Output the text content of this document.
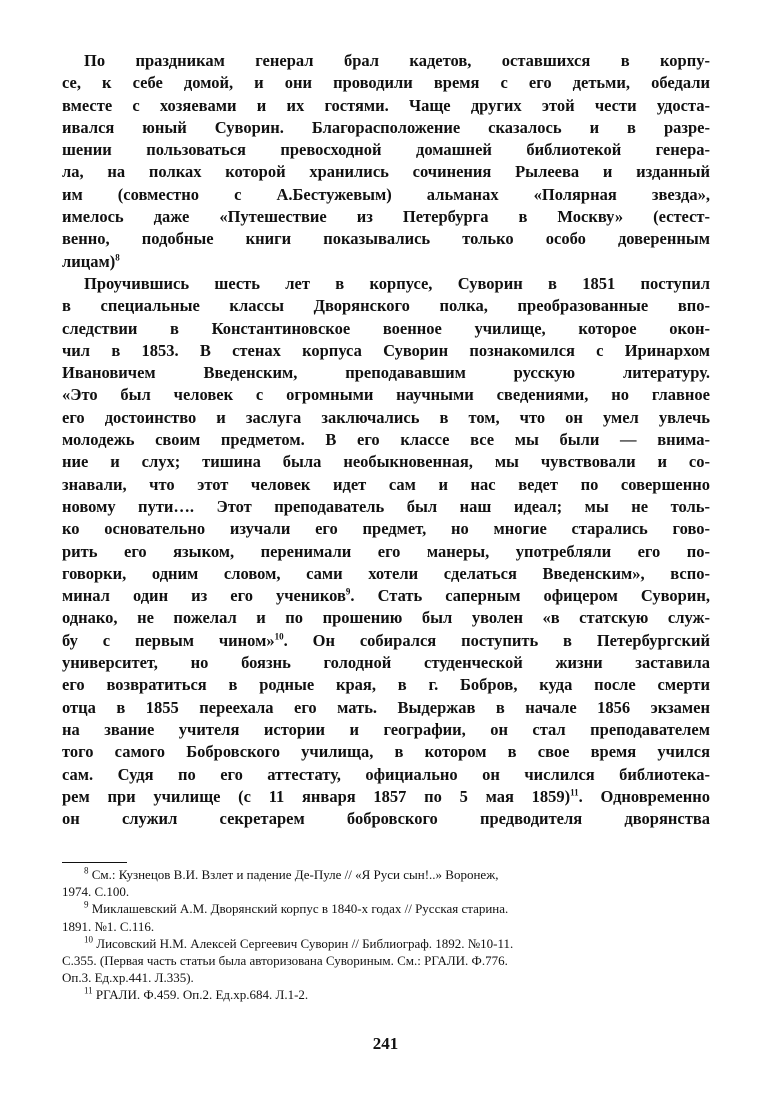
По праздникам генерал брал кадетов, оставшихся в корпу-
се, к себе домой, и они проводили время с его детьми, обедали
вместе с хозяевами и их гостями. Чаще других этой чести удоста-
ивался юный Суворин. Благорасположение сказалось и в разре-
шении пользоваться превосходной домашней библиотекой генера-
ла, на полках которой хранились сочинения Рылеева и изданный
им (совместно с А.Бестужевым) альманах «Полярная звезда»,
имелось даже «Путешествие из Петербурга в Москву» (естест-
венно, подобные книги показывались только особо доверенным
лицам)$^8$

Проучившись шесть лет в корпусе, Суворин в 1851 поступил
в специальные классы Дворянского полка, преобразованные впо-
следствии в Константиновское военное училище, которое окон-
чил в 1853. В стенах корпуса Суворин познакомился с Иринархом
Ивановичем Введенским, преподававшим русскую литературу.
«Это был человек с огромными научными сведениями, но главное
его достоинство и заслуга заключались в том, что он умел увлечь
молодежь своим предметом. В его классе все мы были — внима-
ние и слух; тишина была необыкновенная, мы чувствовали и со-
знавали, что этот человек идет сам и нас ведет по совершенно
новому пути…. Этот преподаватель был наш идеал; мы не толь-
ко основательно изучали его предмет, но многие старались гово-
рить его языком, перенимали его манеры, употребляли его по-
говорки, одним словом, сами хотели сделаться Введенским», вспо-
минал один из его учеников$^9$. Стать саперным офицером Суворин,
однако, не пожелал и по прошению был уволен «в статскую служ-
бу с первым чином»$^{10}$. Он собирался поступить в Петербургский
университет, но боязнь голодной студенческой жизни заставила
его возвратиться в родные края, в г. Бобров, куда после смерти
отца в 1855 переехала его мать. Выдержав в начале 1856 экзамен
на звание учителя истории и географии, он стал преподавателем
того самого Бобровского училища, в котором в свое время учился
сам. Судя по его аттестату, официально он числился библиотека-
рем при училище (с 11 января 1857 по 5 мая 1859)$^{11}$. Одновременно
он служил секретарем бобровского предводителя дворянства

$^8$ См.: Кузнецов В.И. Взлет и падение Де-Пуле // «Я Руси сын!..» Воронеж,
1974. С.100.

$^9$ Миклашевский А.М. Дворянский корпус в 1840-х годах // Русская старина.
1891. №1. С.116.

$^{10}$ Лисовский Н.М. Алексей Сергеевич Суворин // Библиограф. 1892. №10-11.
С.355. (Первая часть статьи была авторизована Сувориным. См.: РГАЛИ. Ф.776.
Оп.3. Ед.хр.441. Л.335).

$^{11}$ РГАЛИ. Ф.459. Оп.2. Ед.хр.684. Л.1-2.

241
